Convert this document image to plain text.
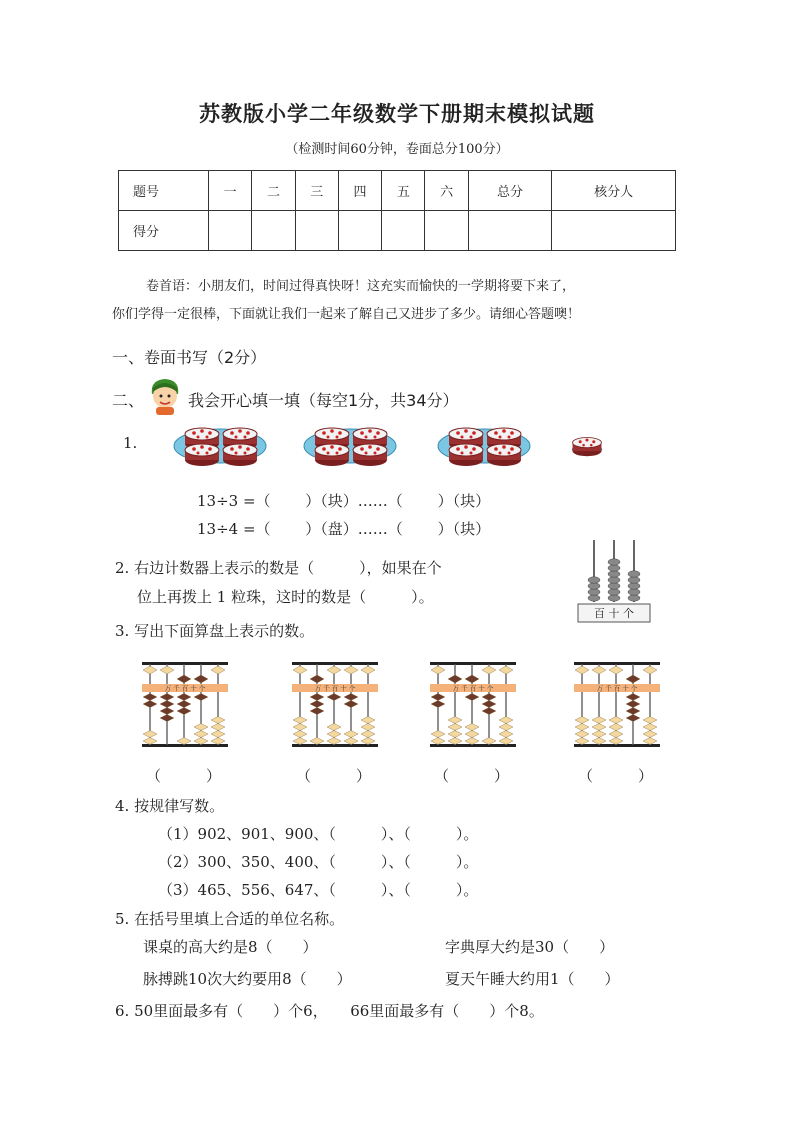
苏教版小学二年级数学下册期末模拟试题
（检测时间60分钟，卷面总分100分）
题号	一	二	三	四	五	六	总分	核分人
得分								
卷首语：小朋友们，时间过得真快呀！这充实而愉快的一学期将要下来了，
你们学得一定很棒，下面就让我们一起来了解自己又进步了多少。请细心答题噢！
一、卷面书写（2分）
二、	我会开心填一填（每空1分，共34分）
1.
13÷3 =（　　 ）（块）……（　　 ）（块）
13÷4 =（　　 ）（盘）……（　　 ）（块）
2. 右边计数器上表示的数是（　　　），如果在个
位上再拨上 1 粒珠，这时的数是（　　　）。
百 十 个
3. 写出下面算盘上表示的数。
万 千 百 十 个
（　　　）
万 千 百 十 个
（　　　）
万 千 百 十 个
（　　　）
万 千 百 十 个
（　　　）
4. 按规律写数。
（1）902、901、900、（　　　）、（　　　）。
（2）300、350、400、（　　　）、（　　　）。
（3）465、556、647、（　　　）、（　　　）。
5. 在括号里填上合适的单位名称。
课桌的高大约是8（　　）	字典厚大约是30（　　）
脉搏跳10次大约要用8（　　）	夏天午睡大约用1（　　）
6. 50里面最多有（　　）个6，　　66里面最多有（　　）个8。
